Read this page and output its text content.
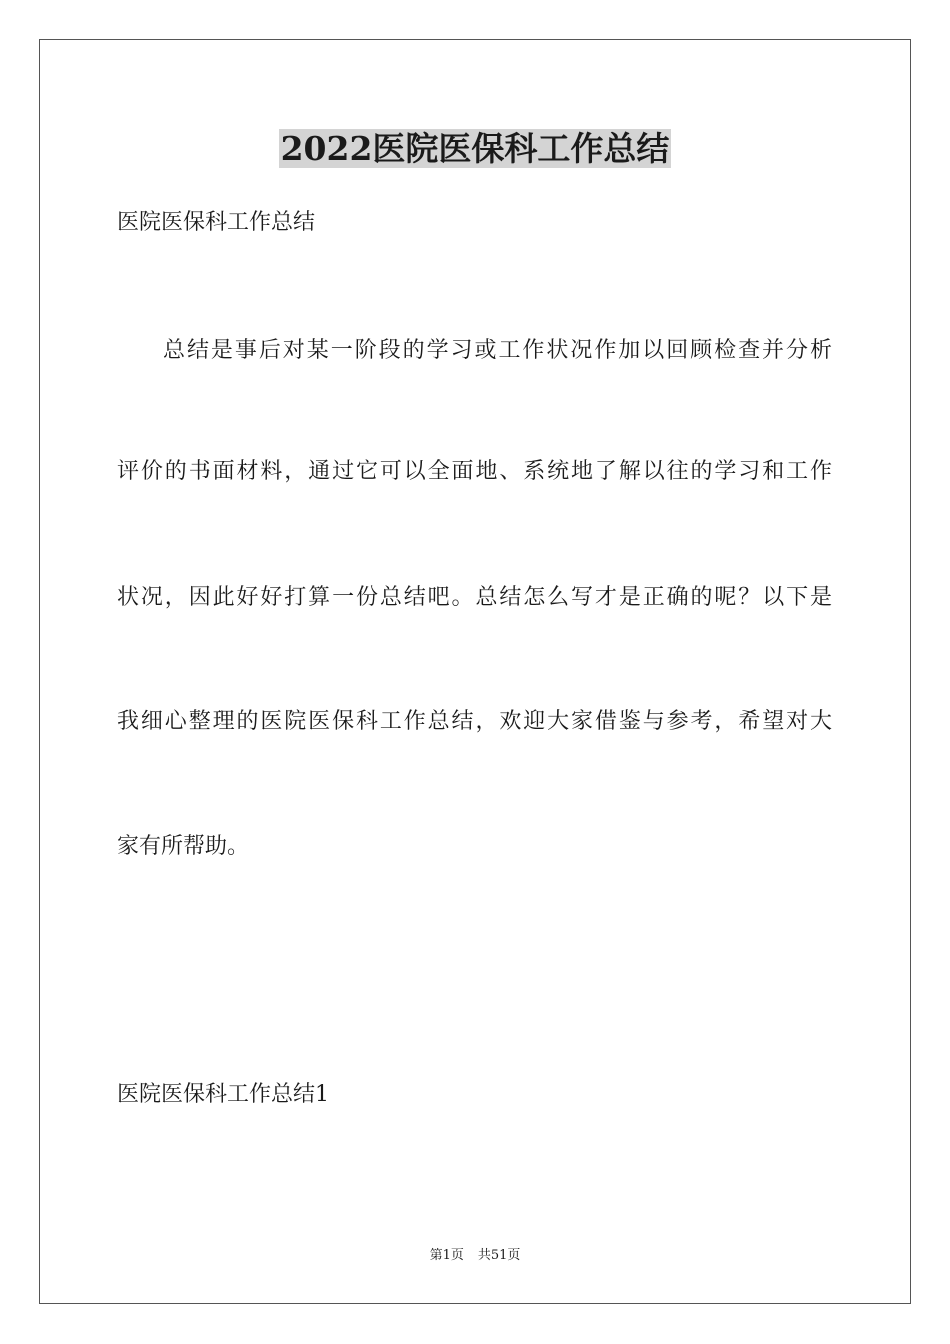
2022医院医保科工作总结
医院医保科工作总结
总结是事后对某一阶段的学习或工作状况作加以回顾检查并分析
评价的书面材料，通过它可以全面地、系统地了解以往的学习和工作
状况，因此好好打算一份总结吧。总结怎么写才是正确的呢？以下是
我细心整理的医院医保科工作总结，欢迎大家借鉴与参考，希望对大
家有所帮助。
医院医保科工作总结1
第1页 共51页
